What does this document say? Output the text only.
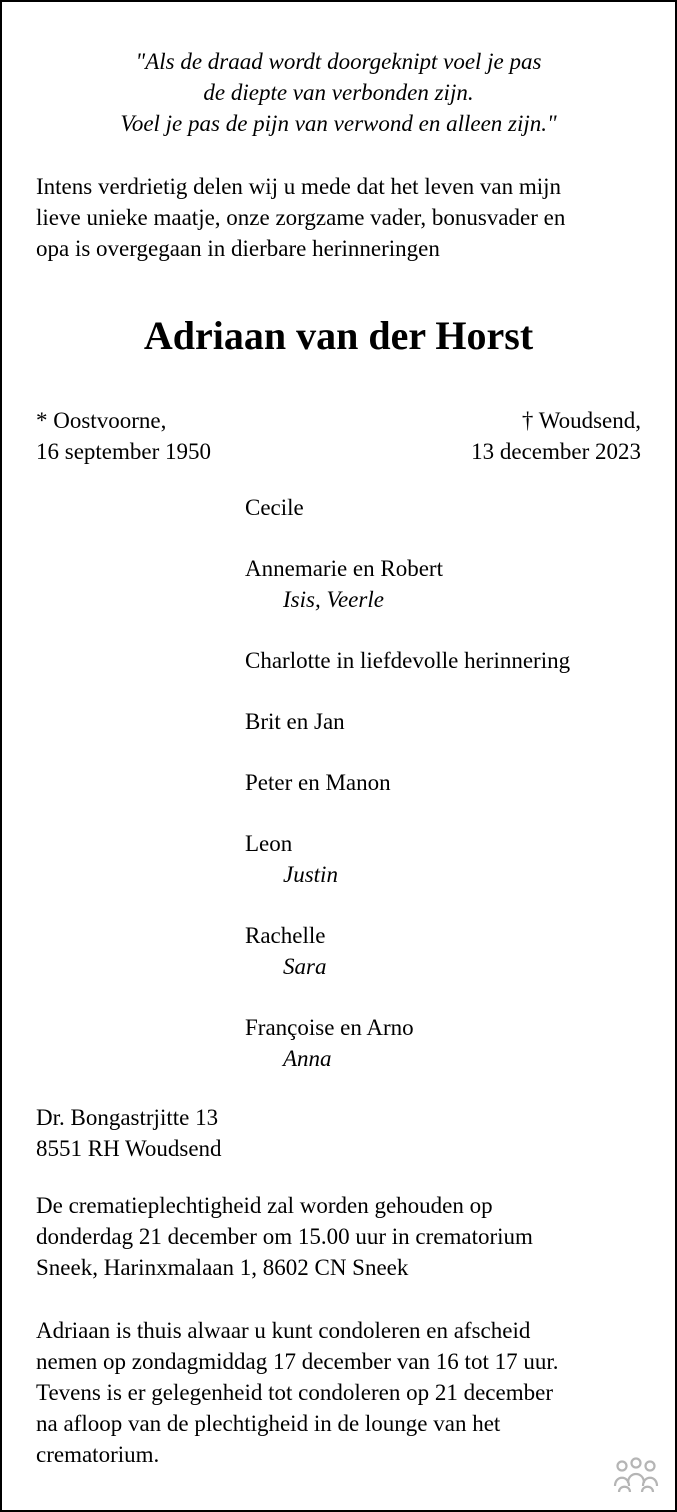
"Als de draad wordt doorgeknipt voel je pas
de diepte van verbonden zijn.
Voel je pas de pijn van verwond en alleen zijn."
Intens verdrietig delen wij u mede dat het leven van mijn
lieve unieke maatje, onze zorgzame vader, bonusvader en
opa is overgegaan in dierbare herinneringen
Adriaan van der Horst
* Oostvoorne,
16 september 1950
† Woudsend,
13 december 2023
Cecile
Annemarie en Robert
Isis, Veerle
Charlotte in liefdevolle herinnering
Brit en Jan
Peter en Manon
Leon
Justin
Rachelle
Sara
Françoise en Arno
Anna
Dr. Bongastrjitte 13
8551 RH Woudsend
De crematieplechtigheid zal worden gehouden op
donderdag 21 december om 15.00 uur in crematorium
Sneek, Harinxmalaan 1, 8602 CN Sneek
Adriaan is thuis alwaar u kunt condoleren en afscheid
nemen op zondagmiddag 17 december van 16 tot 17 uur.
Tevens is er gelegenheid tot condoleren op 21 december
na afloop van de plechtigheid in de lounge van het
crematorium.
